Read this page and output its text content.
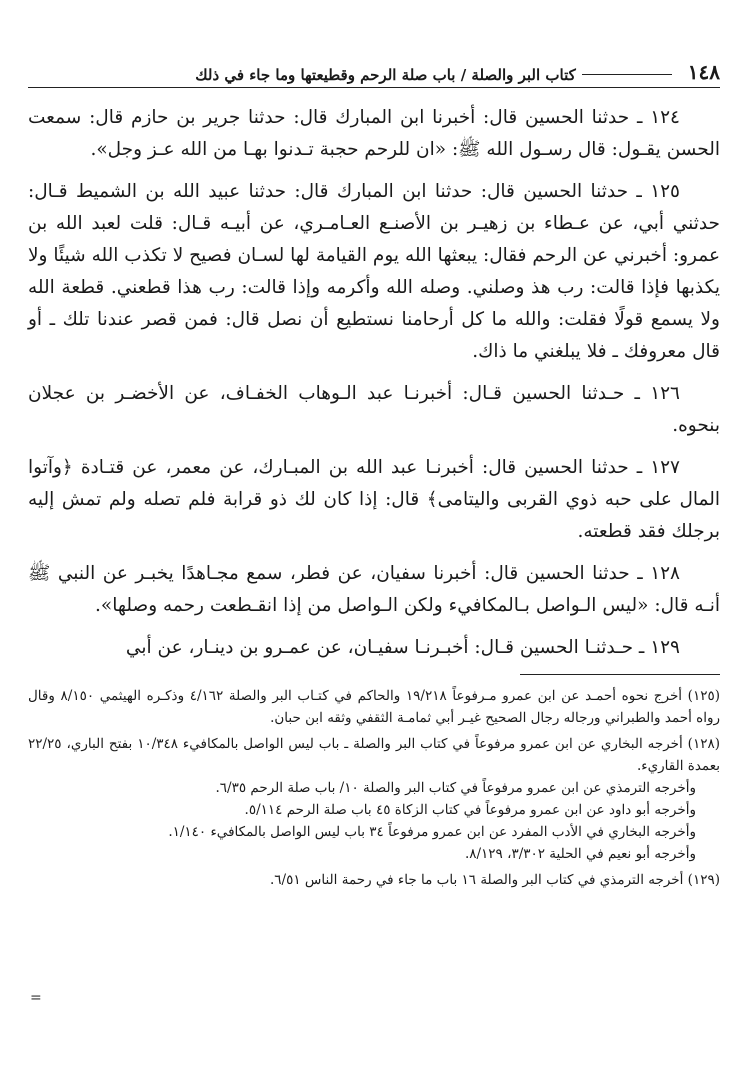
١٤٨
كتاب البر والصلة / باب صلة الرحم وقطيعتها وما جاء في ذلك

١٢٤ ـ حدثنا الحسين قال: أخبرنا ابن المبارك قال: حدثنا جرير بن حازم قال: سمعت الحسن يقـول: قال رسـول الله ﷺ: «ان للرحم حجبة تـدنوا بهـا من الله عـز وجل».

١٢٥ ـ حدثنا الحسين قال: حدثنا ابن المبارك قال: حدثنا عبيد الله بن الشميط قـال: حدثني أبي، عن عـطاء بن زهيـر بن الأصنـع العـامـري، عن أبيـه قـال: قلت لعبد الله بن عمرو: أخبرني عن الرحم فقال: يبعثها الله يوم القيامة لها لسـان فصيح لا تكذب الله شيئًا ولا يكذبها فإذا قالت: رب هذ وصلني. وصله الله وأكرمه وإذا قالت: رب هذا قطعني. قطعة الله ولا يسمع قولًا فقلت: والله ما كل أرحامنا نستطيع أن نصل قال: فمن قصر عندنا تلك ـ أو قال معروفك ـ فلا يبلغني ما ذاك.

١٢٦ ـ حـدثنا الحسين قـال: أخبرنـا عبد الـوهاب الخفـاف، عن الأخضـر بن عجلان بنحوه.

١٢٧ ـ حدثنا الحسين قال: أخبرنـا عبد الله بن المبـارك، عن معمر، عن قتـادة ﴿وآتوا المال على حبه ذوي القربى واليتامى﴾ قال: إذا كان لك ذو قرابة فلم تصله ولم تمش إليه برجلك فقد قطعته.

١٢٨ ـ حدثنا الحسين قال: أخبرنا سفيان، عن فطر، سمع مجـاهدًا يخبـر عن النبي ﷺ أنـه قال: «ليس الـواصل بـالمكافيء ولكن الـواصل من إذا انقـطعت رحمه وصلها».

١٢٩ ـ حـدثنـا الحسين قـال: أخبـرنـا سفيـان، عن عمـرو بن دينـار، عن أبي

(١٢٥) أخرج نحوه أحمـد عن ابن عمرو مـرفوعاً ١٩/٢١٨ والحاكم في كتـاب البر والصلة ٤/١٦٢ وذكـره الهيثمي ٨/١٥٠ وقال رواه أحمد والطبراني ورجاله رجال الصحيح غيـر أبي ثمامـة الثقفي وثقه ابن حبان.
(١٢٨) أخرجه البخاري عن ابن عمرو مرفوعاً في كتاب البر والصلة ـ باب ليس الواصل بالمكافيء ١٠/٣٤٨ بفتح الباري، ٢٢/٢٥ بعمدة القاريء.
وأخرجه الترمذي عن ابن عمرو مرفوعاً في كتاب البر والصلة ١٠/ باب صلة الرحم ٦/٣٥.
وأخرجه أبو داود عن ابن عمرو مرفوعاً في كتاب الزكاة ٤٥ باب صلة الرحم ٥/١١٤.
وأخرجه البخاري في الأدب المفرد عن ابن عمرو مرفوعاً ٣٤ باب ليس الواصل بالمكافيء ١/١٤٠.
وأخرجه أبو نعيم في الحلية ٣/٣٠٢، ٨/١٢٩.
(١٢٩) أخرجه الترمذي في كتاب البر والصلة ١٦ باب ما جاء في رحمة الناس ٦/٥١.
=
